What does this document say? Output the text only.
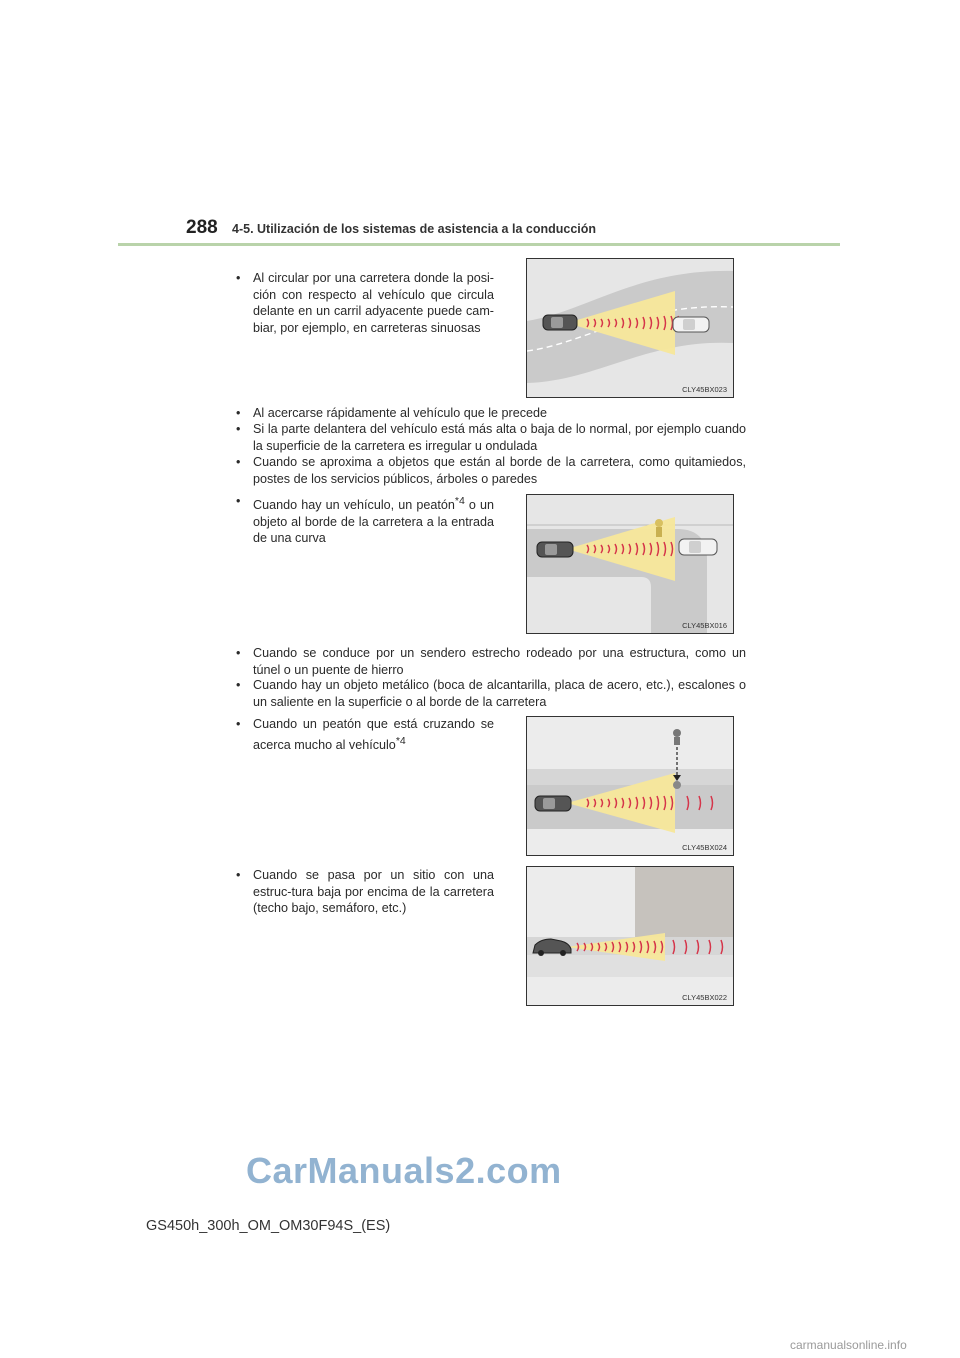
288 4-5. Utilización de los sistemas de asistencia a la conducción
• Al circular por una carretera donde la posi-ción con respecto al vehículo que circula delante en un carril adyacente puede cam-biar, por ejemplo, en carreteras sinuosas
CLY45BX023
• Al acercarse rápidamente al vehículo que le precede
• Si la parte delantera del vehículo está más alta o baja de lo normal, por ejemplo cuando la superficie de la carretera es irregular u ondulada
• Cuando se aproxima a objetos que están al borde de la carretera, como quitamiedos, postes de los servicios públicos, árboles o paredes
• Cuando hay un vehículo, un peatón$^{*4}$ o un objeto al borde de la carretera a la entrada de una curva
CLY45BX016
• Cuando se conduce por un sendero estrecho rodeado por una estructura, como un túnel o un puente de hierro
• Cuando hay un objeto metálico (boca de alcantarilla, placa de acero, etc.), escalones o un saliente en la superficie o al borde de la carretera
• Cuando un peatón que está cruzando se acerca mucho al vehículo$^{*4}$
CLY45BX024
• Cuando se pasa por un sitio con una estruc-tura baja por encima de la carretera (techo bajo, semáforo, etc.)
CLY45BX022
CarManuals2.com
GS450h_300h_OM_OM30F94S_(ES)
carmanualsonline.info
